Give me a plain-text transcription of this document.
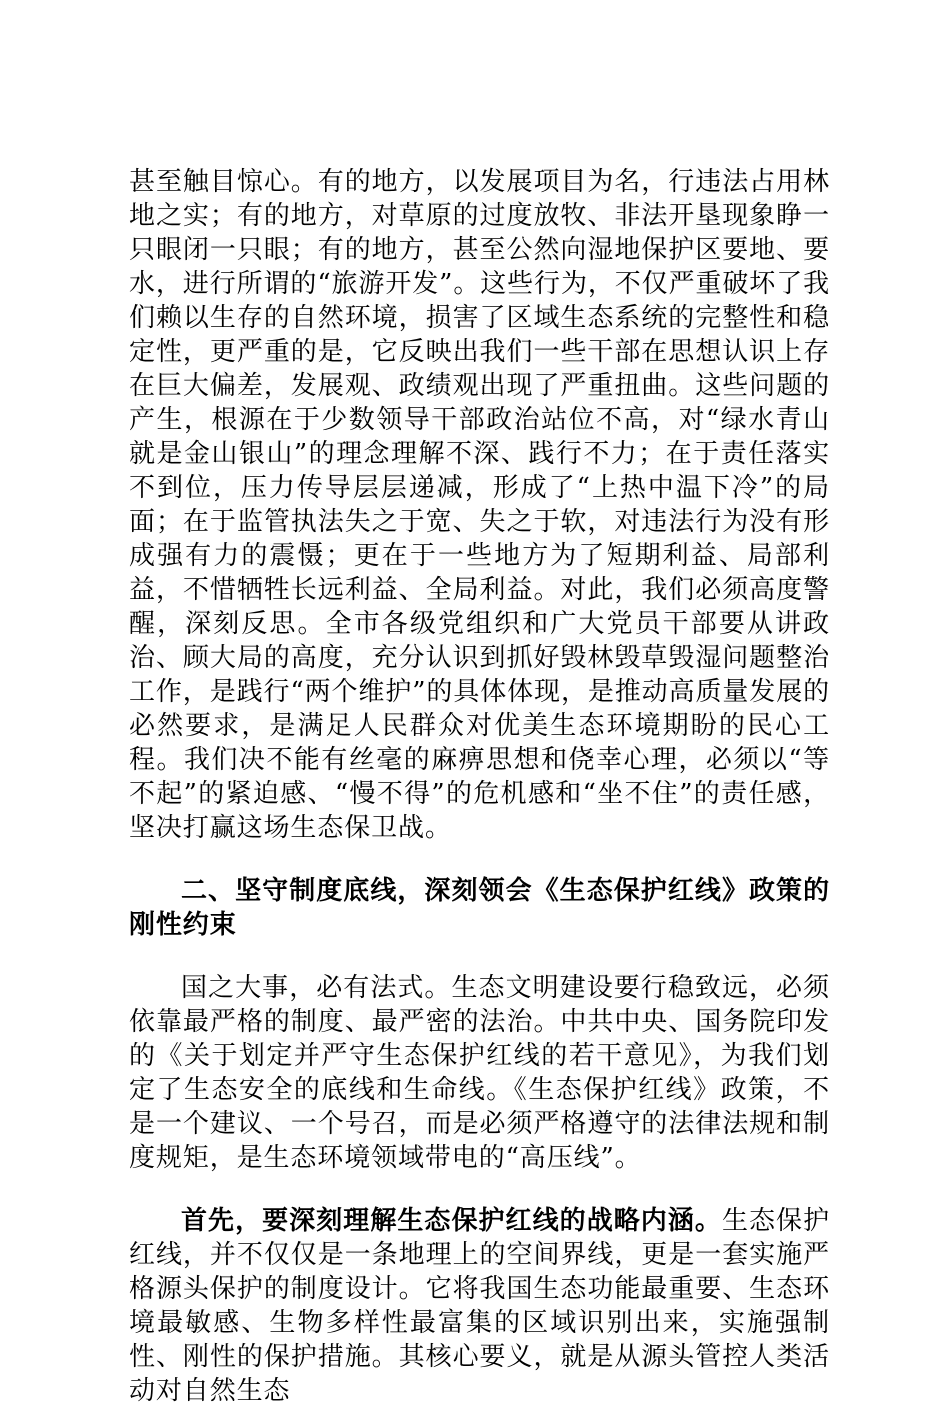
甚至触目惊心。有的地方，以发展项目为名，行违法占用林地之实；有的地方，对草原的过度放牧、非法开垦现象睁一只眼闭一只眼；有的地方，甚至公然向湿地保护区要地、要水，进行所谓的“旅游开发”。这些行为，不仅严重破坏了我们赖以生存的自然环境，损害了区域生态系统的完整性和稳定性，更严重的是，它反映出我们一些干部在思想认识上存在巨大偏差，发展观、政绩观出现了严重扭曲。这些问题的产生，根源在于少数领导干部政治站位不高，对“绿水青山就是金山银山”的理念理解不深、践行不力；在于责任落实不到位，压力传导层层递减，形成了“上热中温下冷”的局面；在于监管执法失之于宽、失之于软，对违法行为没有形成强有力的震慑；更在于一些地方为了短期利益、局部利益，不惜牺牲长远利益、全局利益。对此，我们必须高度警醒，深刻反思。全市各级党组织和广大党员干部要从讲政治、顾大局的高度，充分认识到抓好毁林毁草毁湿问题整治工作，是践行“两个维护”的具体体现，是推动高质量发展的必然要求，是满足人民群众对优美生态环境期盼的民心工程。我们决不能有丝毫的麻痹思想和侥幸心理，必须以“等不起”的紧迫感、“慢不得”的危机感和“坐不住”的责任感，坚决打赢这场生态保卫战。

二、坚守制度底线，深刻领会《生态保护红线》政策的刚性约束

国之大事，必有法式。生态文明建设要行稳致远，必须依靠最严格的制度、最严密的法治。中共中央、国务院印发的《关于划定并严守生态保护红线的若干意见》，为我们划定了生态安全的底线和生命线。《生态保护红线》政策，不是一个建议、一个号召，而是必须严格遵守的法律法规和制度规矩，是生态环境领域带电的“高压线”。

首先，要深刻理解生态保护红线的战略内涵。生态保护红线，并不仅仅是一条地理上的空间界线，更是一套实施严格源头保护的制度设计。它将我国生态功能最重要、生态环境最敏感、生物多样性最富集的区域识别出来，实施强制性、刚性的保护措施。其核心要义，就是从源头管控人类活动对自然生态
